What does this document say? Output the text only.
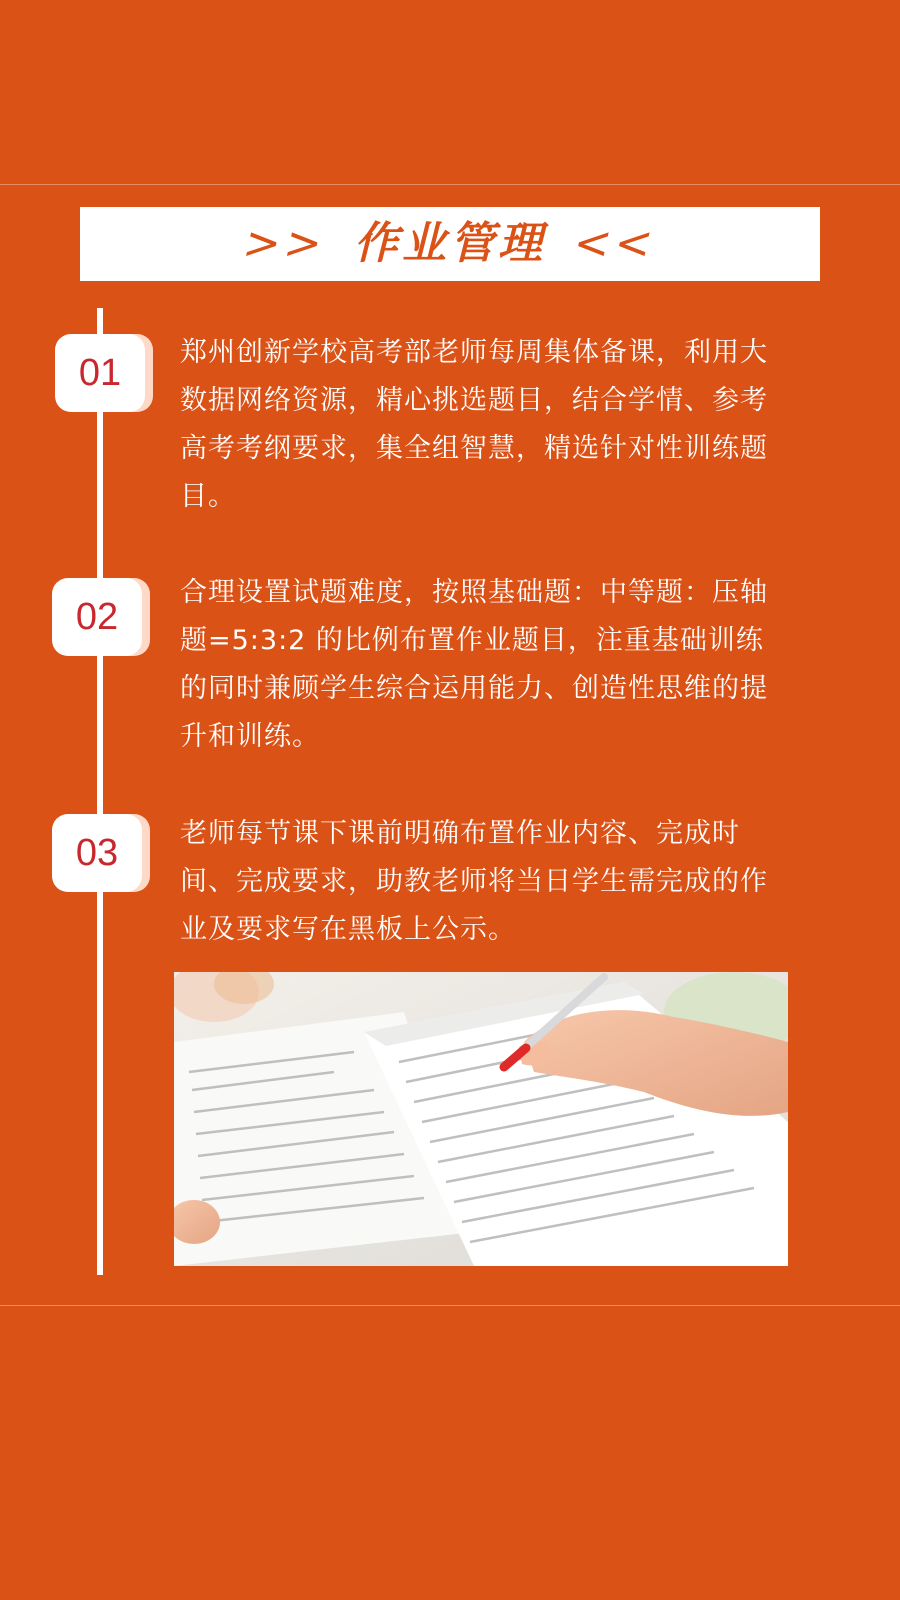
>> 作业管理 <<
01	郑州创新学校高考部老师每周集体备课，利用大数据网络资源，精心挑选题目，结合学情、参考高考考纲要求，集全组智慧，精选针对性训练题目。

02

合理设置试题难度，按照基础题：中等题：压轴题=5:3:2 的比例布置作业题目，注重基础训练的同时兼顾学生综合运用能力、创造性思维的提升和训练。

03	老师每节课下课前明确布置作业内容、完成时间、完成要求，助教老师将当日学生需完成的作业及要求写在黑板上公示。
